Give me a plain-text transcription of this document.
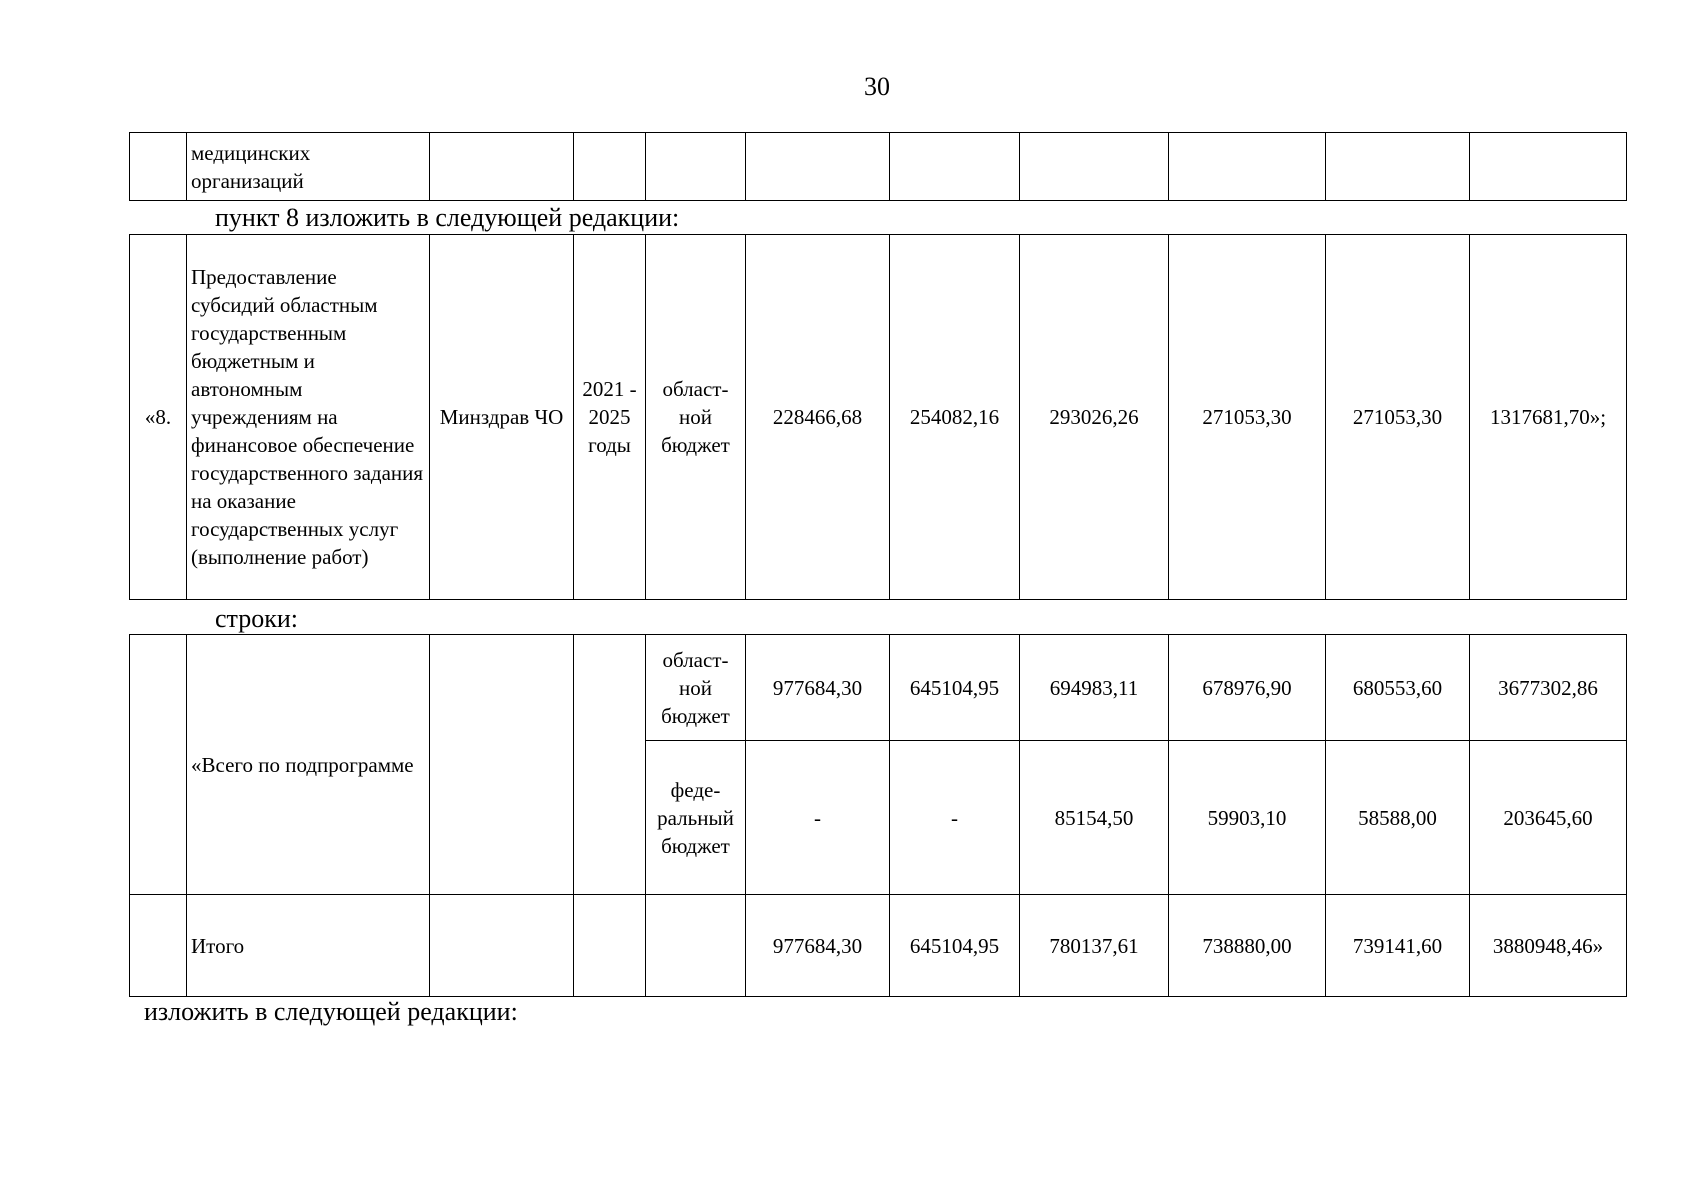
30
	медицинских организаций									
пункт 8 изложить в следующей редакции:
«8.	Предоставление субсидий областным государственным бюджетным и автономным учреждениям на финансовое обеспечение государственного задания на оказание государственных услуг (выполнение работ)	Минздрав ЧО	2021 - 2025 годы	област-ной бюджет	228466,68	254082,16	293026,26	271053,30	271053,30	1317681,70»;
строки:
	«Всего по подпрограмме			област-ной бюджет	977684,30	645104,95	694983,11	678976,90	680553,60	3677302,86
				феде-ральный бюджет	-	-	85154,50	59903,10	58588,00	203645,60
	Итого				977684,30	645104,95	780137,61	738880,00	739141,60	3880948,46»
изложить в следующей редакции:
